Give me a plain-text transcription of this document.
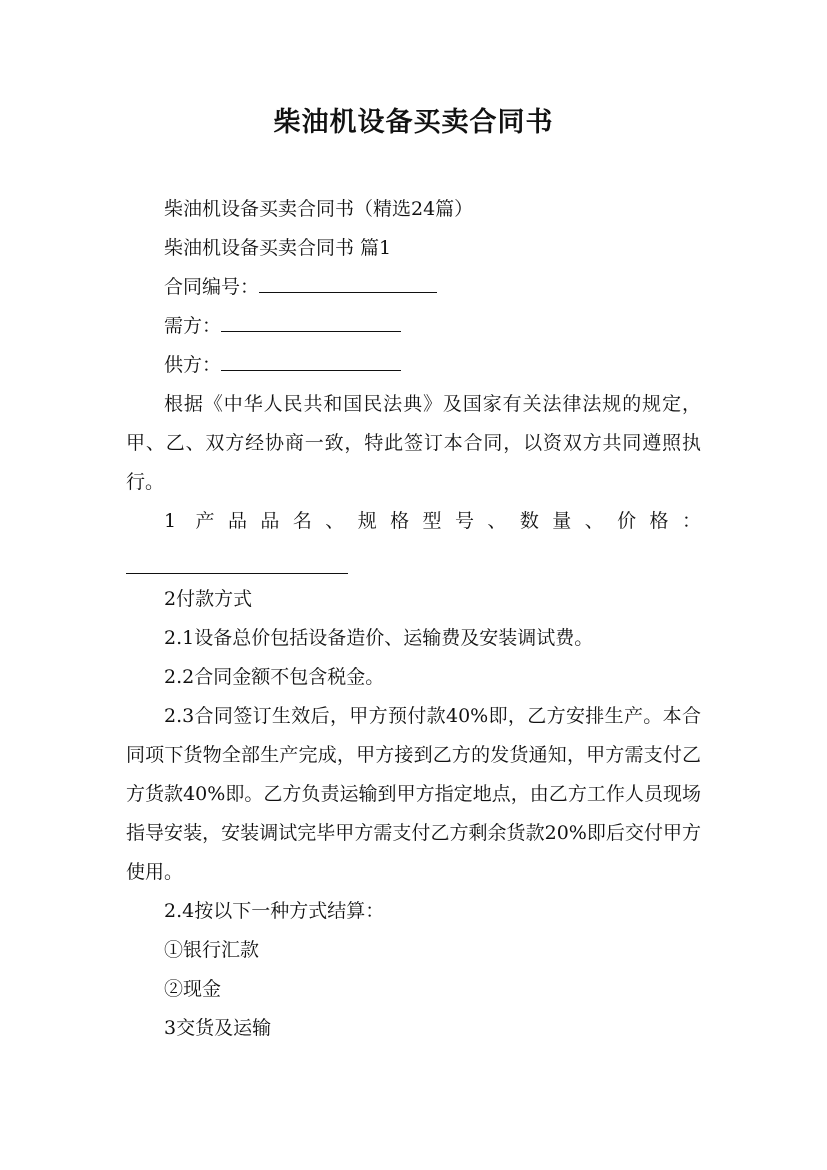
柴油机设备买卖合同书

柴油机设备买卖合同书（精选24篇）

柴油机设备买卖合同书 篇1

合同编号：

需方：

供方：

根据《中华人民共和国民法典》及国家有关法律法规的规定，甲、乙、双方经协商一致，特此签订本合同，以资双方共同遵照执行。

1 产品品名、规格型号、数量、价格：

2付款方式

2.1设备总价包括设备造价、运输费及安装调试费。

2.2合同金额不包含税金。

2.3合同签订生效后，甲方预付款40%即，乙方安排生产。本合同项下货物全部生产完成，甲方接到乙方的发货通知，甲方需支付乙方货款40%即。乙方负责运输到甲方指定地点，由乙方工作人员现场指导安装，安装调试完毕甲方需支付乙方剩余货款20%即后交付甲方使用。

2.4按以下一种方式结算：

①银行汇款

②现金

3交货及运输
